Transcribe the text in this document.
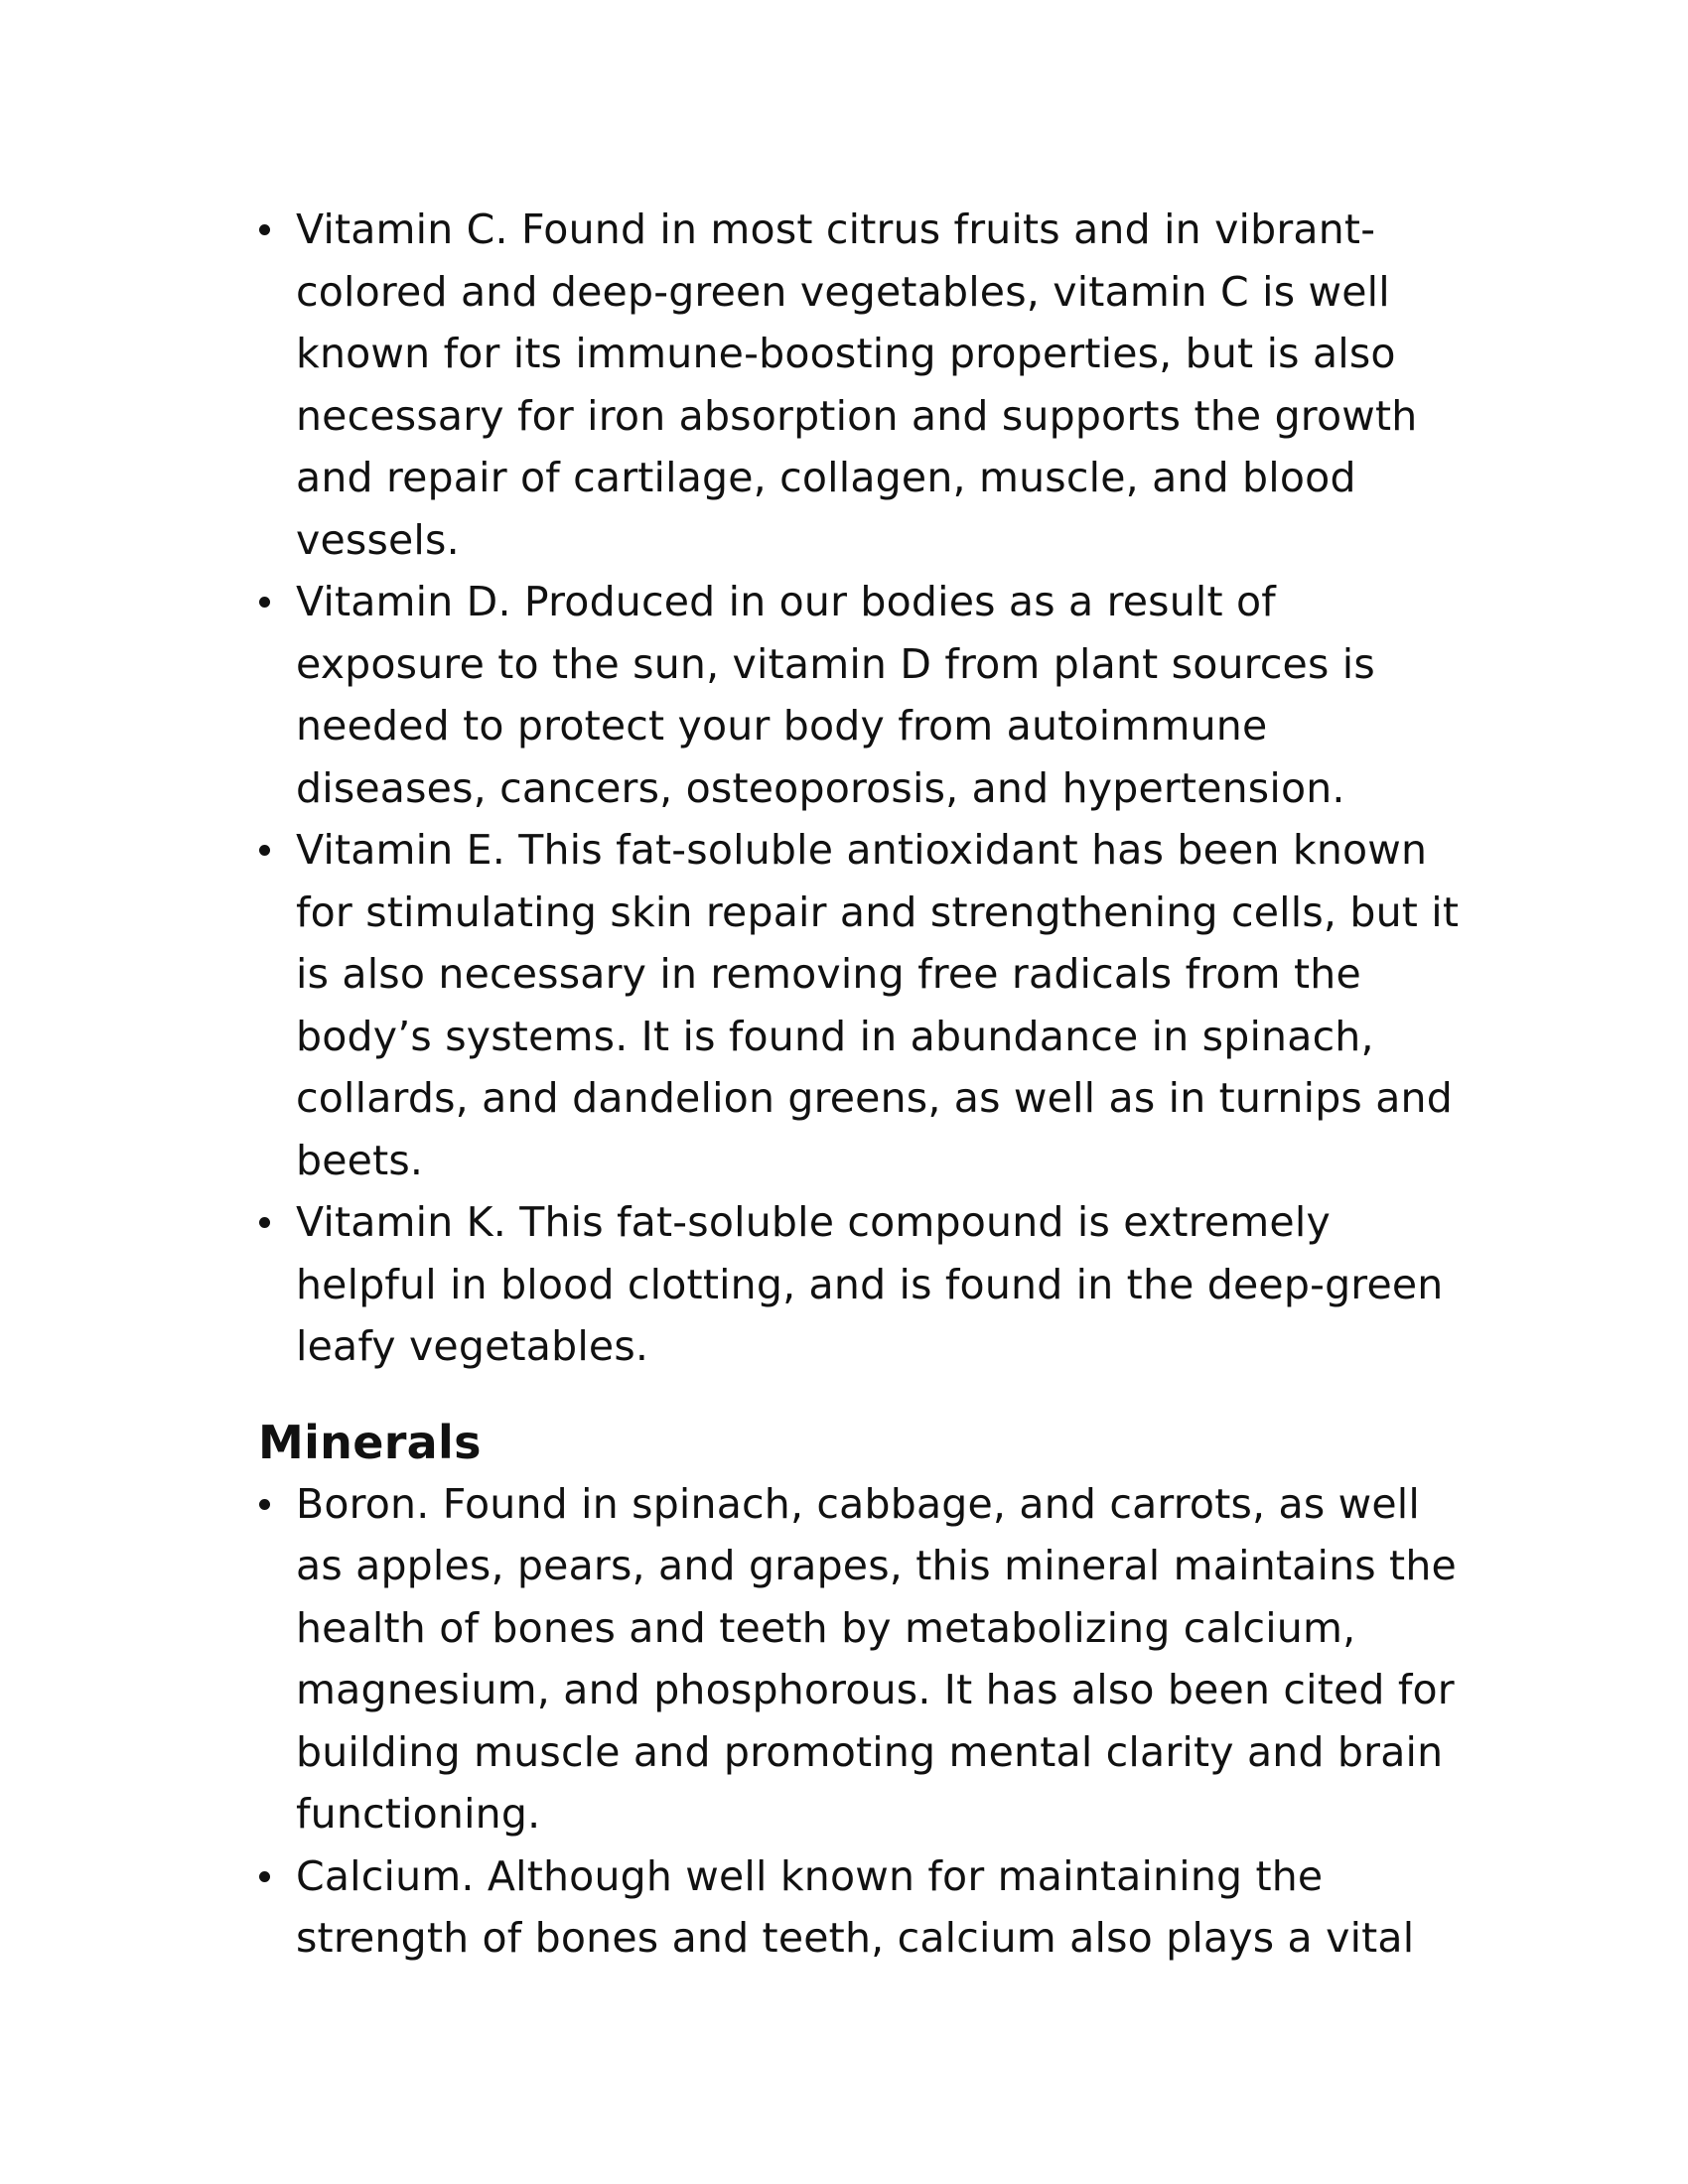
Vitamin C. Found in most citrus fruits and in vibrant-
colored and deep-green vegetables, vitamin C is well
known for its immune-boosting properties, but is also
necessary for iron absorption and supports the growth
and repair of cartilage, collagen, muscle, and blood
vessels.
Vitamin D. Produced in our bodies as a result of
exposure to the sun, vitamin D from plant sources is
needed to protect your body from autoimmune
diseases, cancers, osteoporosis, and hypertension.
Vitamin E. This fat-soluble antioxidant has been known
for stimulating skin repair and strengthening cells, but it
is also necessary in removing free radicals from the
body’s systems. It is found in abundance in spinach,
collards, and dandelion greens, as well as in turnips and
beets.
Vitamin K. This fat-soluble compound is extremely
helpful in blood clotting, and is found in the deep-green
leafy vegetables.
Minerals
Boron. Found in spinach, cabbage, and carrots, as well
as apples, pears, and grapes, this mineral maintains the
health of bones and teeth by metabolizing calcium,
magnesium, and phosphorous. It has also been cited for
building muscle and promoting mental clarity and brain
functioning.
Calcium. Although well known for maintaining the
strength of bones and teeth, calcium also plays a vital
